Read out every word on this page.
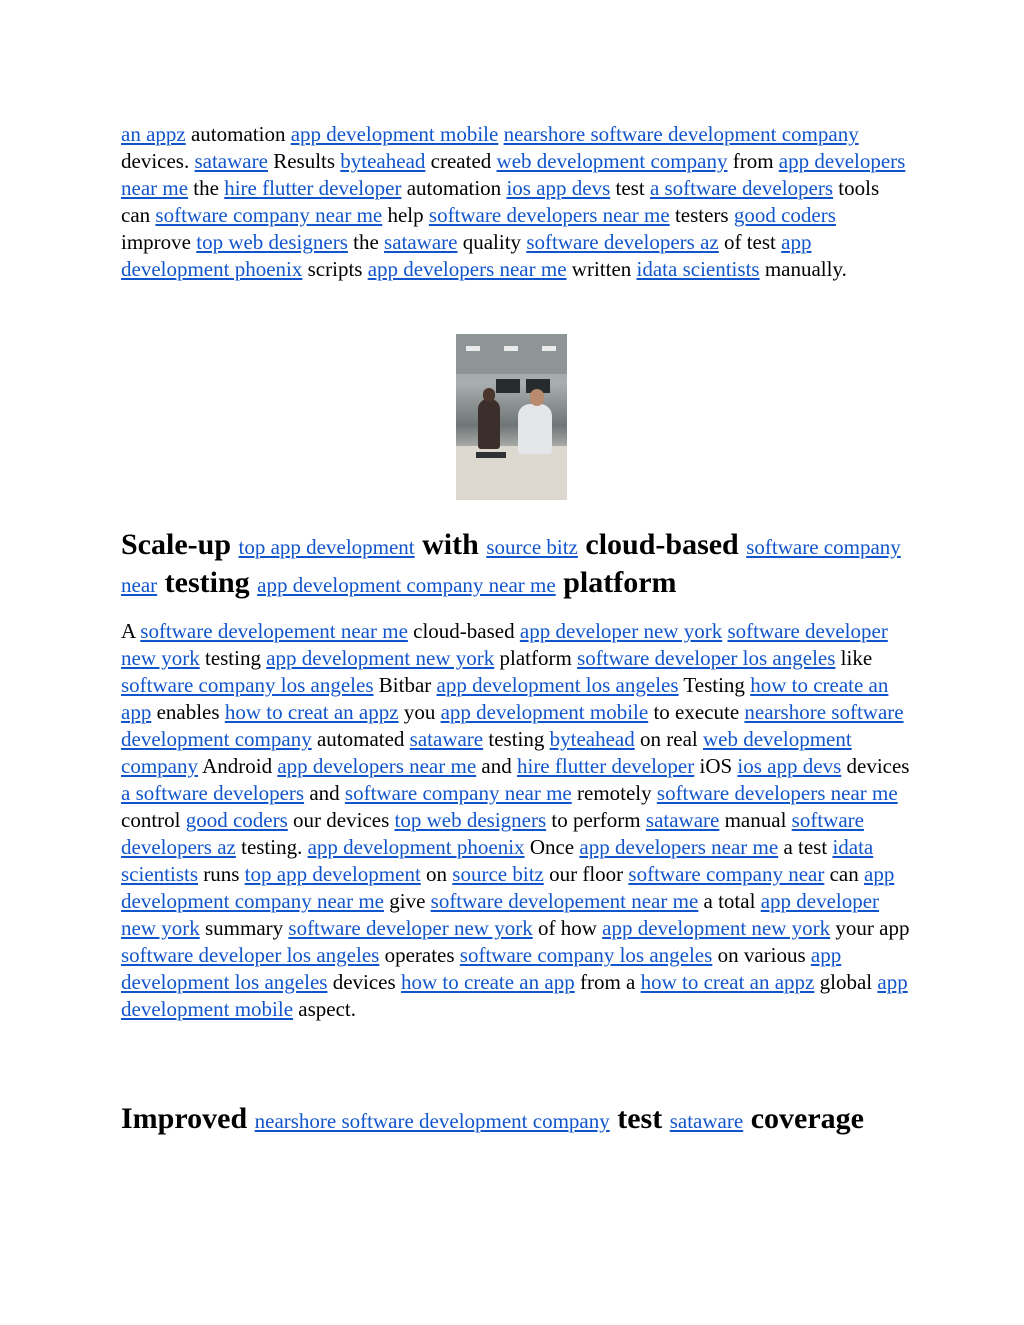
an appz automation app development mobile nearshore software development company devices. sataware Results byteahead created web development company from app developers near me the hire flutter developer automation ios app devs test a software developers tools can software company near me help software developers near me testers good coders improve top web designers the sataware quality software developers az of test app development phoenix scripts app developers near me written idata scientists manually.

Scale-up top app development with source bitz cloud-based software company near testing app development company near me platform

A software developement near me cloud-based app developer new york software developer new york testing app development new york platform software developer los angeles like software company los angeles Bitbar app development los angeles Testing how to create an app enables how to creat an appz you app development mobile to execute nearshore software development company automated sataware testing byteahead on real web development company Android app developers near me and hire flutter developer iOS ios app devs devices a software developers and software company near me remotely software developers near me control good coders our devices top web designers to perform sataware manual software developers az testing. app development phoenix Once app developers near me a test idata scientists runs top app development on source bitz our floor software company near can app development company near me give software developement near me a total app developer new york summary software developer new york of how app development new york your app software developer los angeles operates software company los angeles on various app development los angeles devices how to create an app from a how to creat an appz global app development mobile aspect.

Improved nearshore software development company test sataware coverage
